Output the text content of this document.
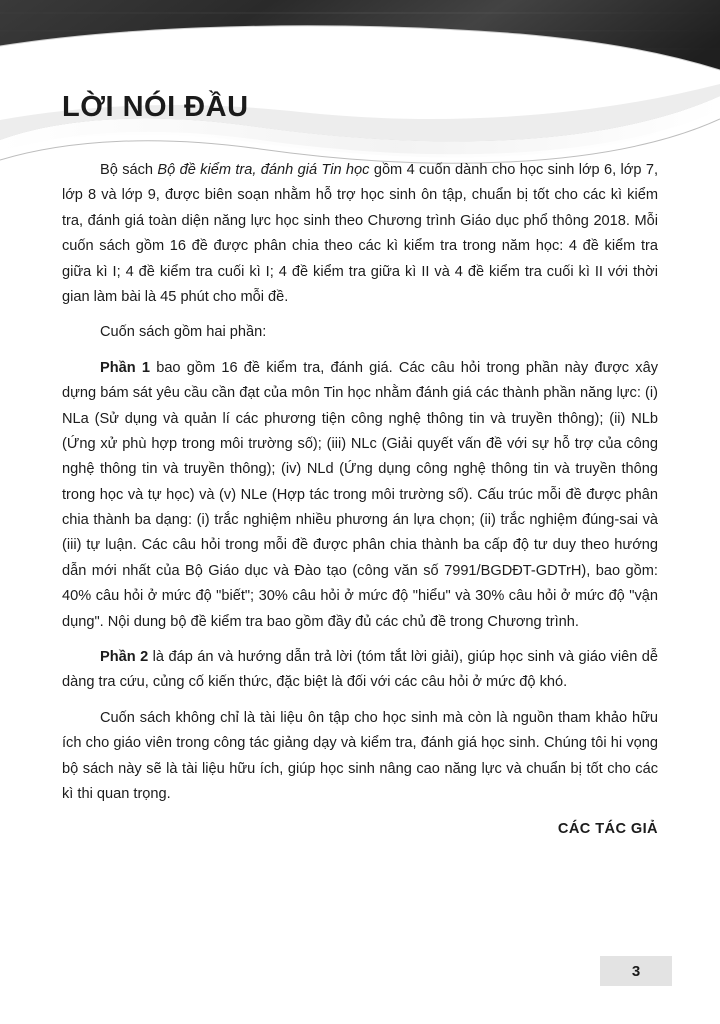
LỜI NÓI ĐẦU

Bộ sách Bộ đề kiểm tra, đánh giá Tin học gồm 4 cuốn dành cho học sinh lớp 6, lớp 7, lớp 8 và lớp 9, được biên soạn nhằm hỗ trợ học sinh ôn tập, chuẩn bị tốt cho các kì kiểm tra, đánh giá toàn diện năng lực học sinh theo Chương trình Giáo dục phổ thông 2018. Mỗi cuốn sách gồm 16 đề được phân chia theo các kì kiểm tra trong năm học: 4 đề kiểm tra giữa kì I; 4 đề kiểm tra cuối kì I; 4 đề kiểm tra giữa kì II và 4 đề kiểm tra cuối kì II với thời gian làm bài là 45 phút cho mỗi đề.

Cuốn sách gồm hai phần:

Phần 1 bao gồm 16 đề kiểm tra, đánh giá. Các câu hỏi trong phần này được xây dựng bám sát yêu cầu cần đạt của môn Tin học nhằm đánh giá các thành phần năng lực: (i) NLa (Sử dụng và quản lí các phương tiện công nghệ thông tin và truyền thông); (ii) NLb (Ứng xử phù hợp trong môi trường số); (iii) NLc (Giải quyết vấn đề với sự hỗ trợ của công nghệ thông tin và truyền thông); (iv) NLd (Ứng dụng công nghệ thông tin và truyền thông trong học và tự học) và (v) NLe (Hợp tác trong môi trường số). Cấu trúc mỗi đề được phân chia thành ba dạng: (i) trắc nghiệm nhiều phương án lựa chọn; (ii) trắc nghiệm đúng-sai và (iii) tự luận. Các câu hỏi trong mỗi đề được phân chia thành ba cấp độ tư duy theo hướng dẫn mới nhất của Bộ Giáo dục và Đào tạo (công văn số 7991/BGDĐT-GDTrH), bao gồm: 40% câu hỏi ở mức độ "biết"; 30% câu hỏi ở mức độ "hiểu" và 30% câu hỏi ở mức độ "vận dụng". Nội dung bộ đề kiểm tra bao gồm đầy đủ các chủ đề trong Chương trình.

Phần 2 là đáp án và hướng dẫn trả lời (tóm tắt lời giải), giúp học sinh và giáo viên dễ dàng tra cứu, củng cố kiến thức, đặc biệt là đối với các câu hỏi ở mức độ khó.

Cuốn sách không chỉ là tài liệu ôn tập cho học sinh mà còn là nguồn tham khảo hữu ích cho giáo viên trong công tác giảng dạy và kiểm tra, đánh giá học sinh. Chúng tôi hi vọng bộ sách này sẽ là tài liệu hữu ích, giúp học sinh nâng cao năng lực và chuẩn bị tốt cho các kì thi quan trọng.

CÁC TÁC GIẢ

3
